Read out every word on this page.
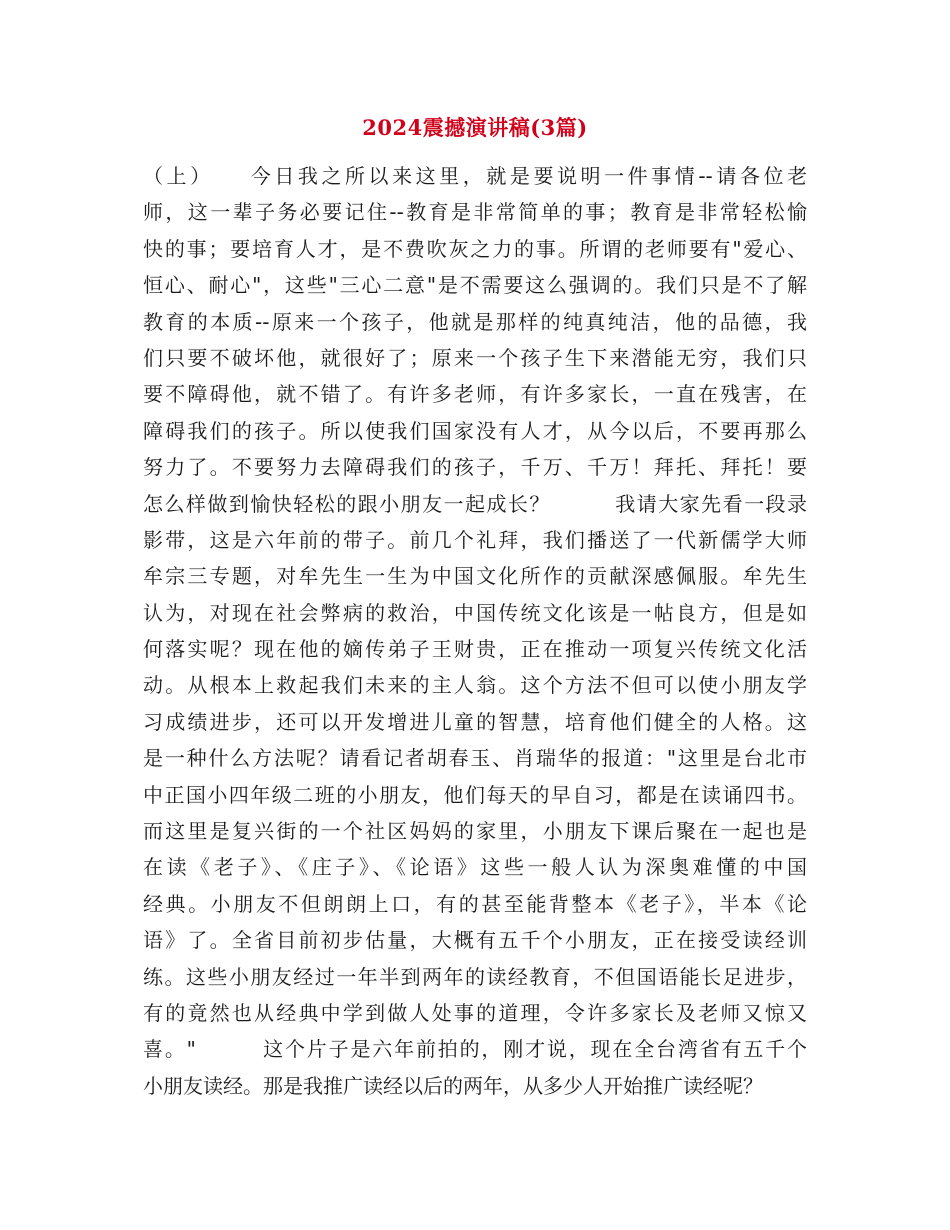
2024震撼演讲稿(3篇)
（上）　　今日我之所以来这里，就是要说明一件事情--请各位老
师，这一辈子务必要记住--教育是非常简单的事；教育是非常轻松愉
快的事；要培育人才，是不费吹灰之力的事。所谓的老师要有"爱心、
恒心、耐心"，这些"三心二意"是不需要这么强调的。我们只是不了解
教育的本质--原来一个孩子，他就是那样的纯真纯洁，他的品德，我
们只要不破坏他，就很好了；原来一个孩子生下来潜能无穷，我们只
要不障碍他，就不错了。有许多老师，有许多家长，一直在残害，在
障碍我们的孩子。所以使我们国家没有人才，从今以后，不要再那么
努力了。不要努力去障碍我们的孩子，千万、千万！拜托、拜托！要
怎么样做到愉快轻松的跟小朋友一起成长？　　　我请大家先看一段录
影带，这是六年前的带子。前几个礼拜，我们播送了一代新儒学大师
牟宗三专题，对牟先生一生为中国文化所作的贡献深感佩服。牟先生
认为，对现在社会弊病的救治，中国传统文化该是一帖良方，但是如
何落实呢？现在他的嫡传弟子王财贵，正在推动一项复兴传统文化活
动。从根本上救起我们未来的主人翁。这个方法不但可以使小朋友学
习成绩进步，还可以开发增进儿童的智慧，培育他们健全的人格。这
是一种什么方法呢？请看记者胡春玉、肖瑞华的报道："这里是台北市
中正国小四年级二班的小朋友，他们每天的早自习，都是在读诵四书。
而这里是复兴街的一个社区妈妈的家里，小朋友下课后聚在一起也是
在读《老子》、《庄子》、《论语》这些一般人认为深奥难懂的中国
经典。小朋友不但朗朗上口，有的甚至能背整本《老子》，半本《论
语》了。全省目前初步估量，大概有五千个小朋友，正在接受读经训
练。这些小朋友经过一年半到两年的读经教育，不但国语能长足进步，
有的竟然也从经典中学到做人处事的道理，令许多家长及老师又惊又
喜。"　　　这个片子是六年前拍的，刚才说，现在全台湾省有五千个
小朋友读经。那是我推广读经以后的两年，从多少人开始推广读经呢？
